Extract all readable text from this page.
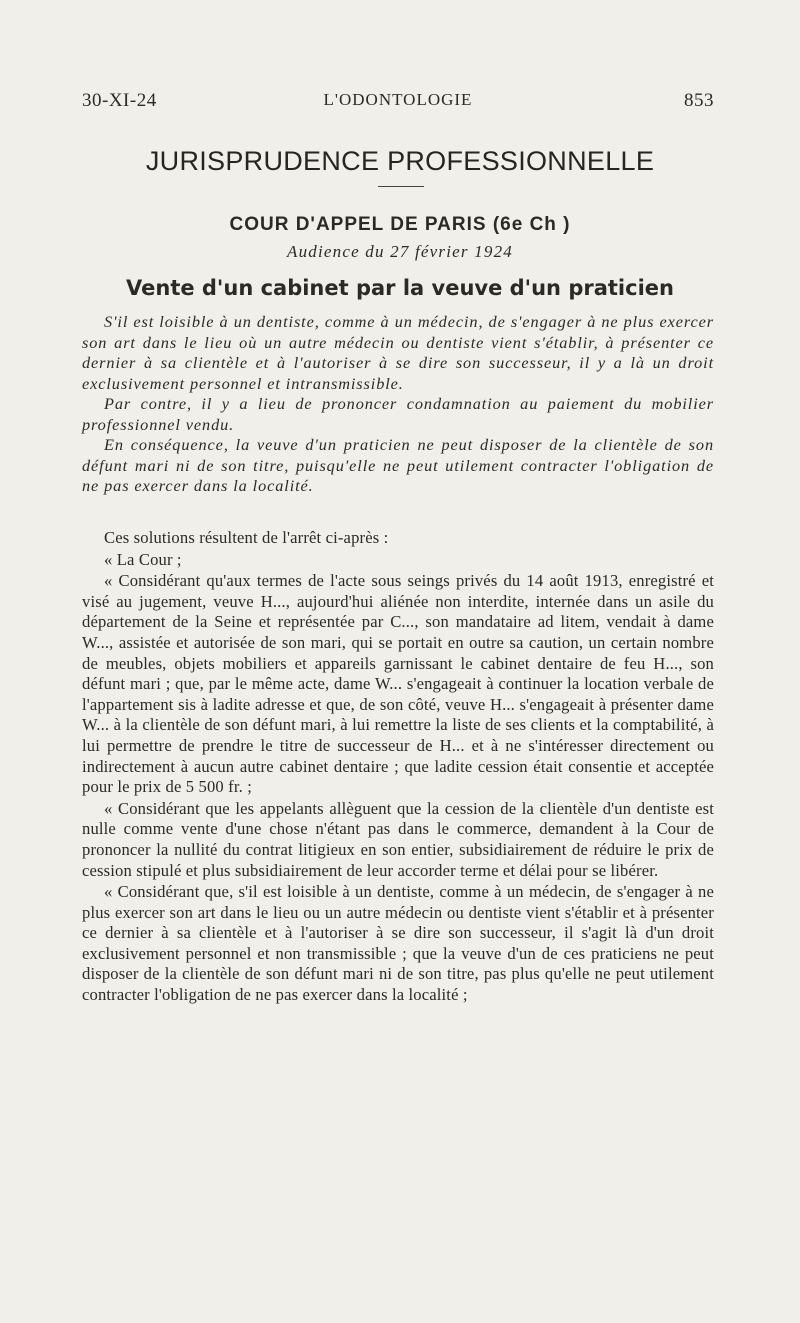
30-XI-24	L'ODONTOLOGIE	853
JURISPRUDENCE PROFESSIONNELLE
COUR D'APPEL DE PARIS (6e Ch )
Audience du 27 février 1924
Vente d'un cabinet par la veuve d'un praticien

S'il est loisible à un dentiste, comme à un médecin, de s'engager à ne plus exercer son art dans le lieu où un autre médecin ou dentiste vient s'établir, à présenter ce dernier à sa clientèle et à l'autoriser à se dire son successeur, il y a là un droit exclusivement personnel et intransmissible.

Par contre, il y a lieu de prononcer condamnation au paiement du mobilier professionnel vendu.

En conséquence, la veuve d'un praticien ne peut disposer de la clientèle de son défunt mari ni de son titre, puisqu'elle ne peut utilement contracter l'obligation de ne pas exercer dans la localité.

Ces solutions résultent de l'arrêt ci-après :

« La Cour ;

« Considérant qu'aux termes de l'acte sous seings privés du 14 août 1913, enregistré et visé au jugement, veuve H..., aujourd'hui aliénée non interdite, internée dans un asile du département de la Seine et représentée par C..., son mandataire ad litem, vendait à dame W..., assistée et autorisée de son mari, qui se portait en outre sa caution, un certain nombre de meubles, objets mobiliers et appareils garnissant le cabinet dentaire de feu H..., son défunt mari ; que, par le même acte, dame W... s'engageait à continuer la location verbale de l'appartement sis à ladite adresse et que, de son côté, veuve H... s'engageait à présenter dame W... à la clientèle de son défunt mari, à lui remettre la liste de ses clients et la comptabilité, à lui permettre de prendre le titre de successeur de H... et à ne s'intéresser directement ou indirectement à aucun autre cabinet dentaire ; que ladite cession était consentie et acceptée pour le prix de 5 500 fr. ;

« Considérant que les appelants allèguent que la cession de la clientèle d'un dentiste est nulle comme vente d'une chose n'étant pas dans le commerce, demandent à la Cour de prononcer la nullité du contrat litigieux en son entier, subsidiairement de réduire le prix de cession stipulé et plus subsidiairement de leur accorder terme et délai pour se libérer.

« Considérant que, s'il est loisible à un dentiste, comme à un médecin, de s'engager à ne plus exercer son art dans le lieu ou un autre médecin ou dentiste vient s'établir et à présenter ce dernier à sa clientèle et à l'autoriser à se dire son successeur, il s'agit là d'un droit exclusivement personnel et non transmissible ; que la veuve d'un de ces praticiens ne peut disposer de la clientèle de son défunt mari ni de son titre, pas plus qu'elle ne peut utilement contracter l'obligation de ne pas exercer dans la localité ;
